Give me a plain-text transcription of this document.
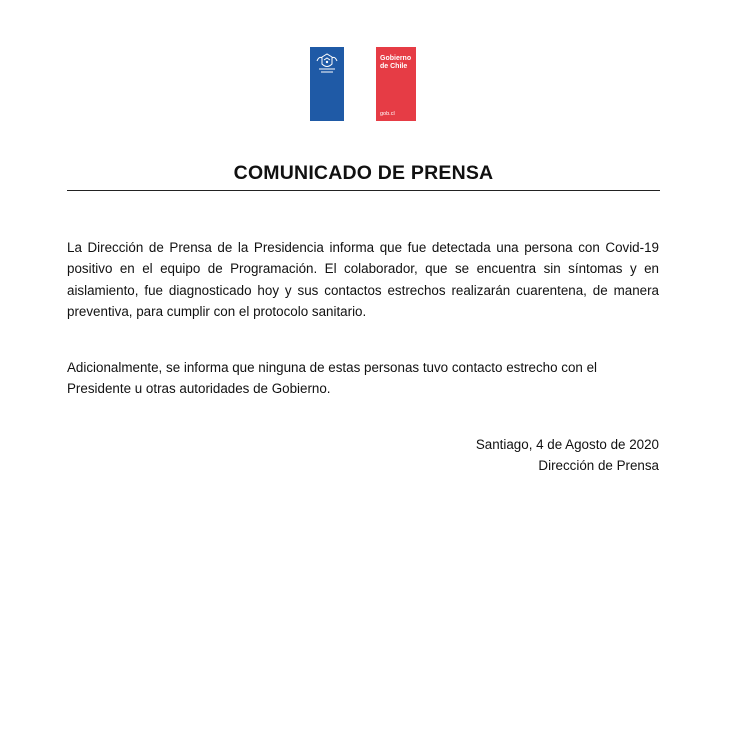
Gobierno
de Chile
gob.cl
COMUNICADO DE PRENSA

La Dirección de Prensa de la Presidencia informa que fue detectada una persona con Covid-19 positivo en el equipo de Programación. El colaborador, que se encuentra sin síntomas y en aislamiento, fue diagnosticado hoy y sus contactos estrechos realizarán cuarentena, de manera preventiva, para cumplir con el protocolo sanitario.

Adicionalmente, se informa que ninguna de estas personas tuvo contacto estrecho con el Presidente u otras autoridades de Gobierno.

Santiago, 4 de Agosto de 2020
Dirección de Prensa
